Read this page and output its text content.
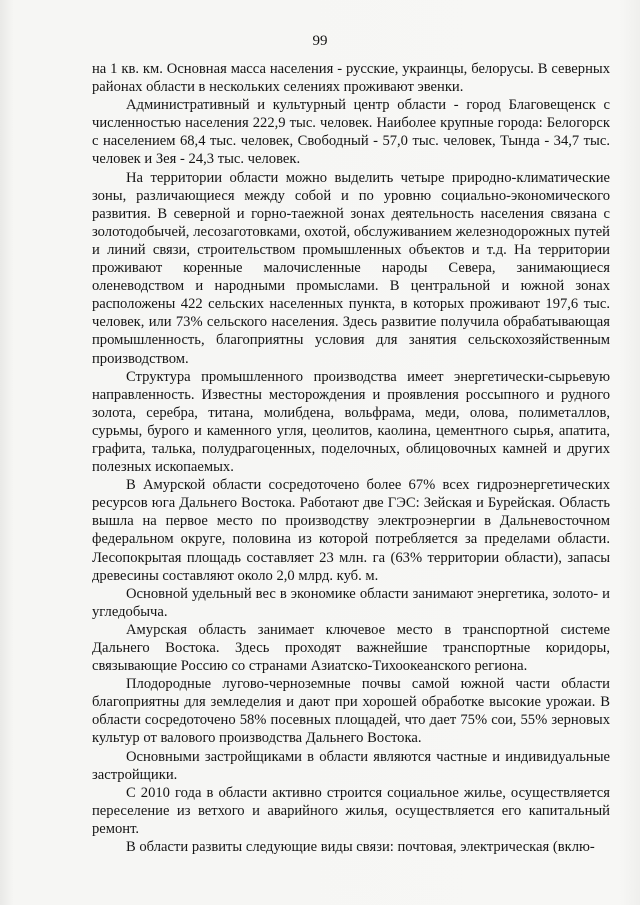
99

на 1 кв. км. Основная масса населения - русские, украинцы, белорусы. В северных районах области в нескольких селениях проживают эвенки.

Административный и культурный центр области - город Благовещенск с численностью населения 222,9 тыс. человек. Наиболее крупные города: Белогорск с населением 68,4 тыс. человек, Свободный - 57,0 тыс. человек, Тында - 34,7 тыс. человек и Зея - 24,3 тыс. человек.

На территории области можно выделить четыре природно-климатические зоны, различающиеся между собой и по уровню социально-экономического развития. В северной и горно-таежной зонах деятельность населения связана с золотодобычей, лесозаготовками, охотой, обслуживанием железнодорожных путей и линий связи, строительством промышленных объектов и т.д. На территории проживают коренные малочисленные народы Севера, занимающиеся оленеводством и народными промыслами. В центральной и южной зонах расположены 422 сельских населенных пункта, в которых проживают 197,6 тыс. человек, или 73% сельского населения. Здесь развитие получила обрабатывающая промышленность, благоприятны условия для занятия сельскохозяйственным производством.

Структура промышленного производства имеет энергетически-сырьевую направленность. Известны месторождения и проявления россыпного и рудного золота, серебра, титана, молибдена, вольфрама, меди, олова, полиметаллов, сурьмы, бурого и каменного угля, цеолитов, каолина, цементного сырья, апатита, графита, талька, полудрагоценных, поделочных, облицовочных камней и других полезных ископаемых.

В Амурской области сосредоточено более 67% всех гидроэнергетических ресурсов юга Дальнего Востока. Работают две ГЭС: Зейская и Бурейская. Область вышла на первое место по производству электроэнергии в Дальневосточном федеральном округе, половина из которой потребляется за пределами области. Лесопокрытая площадь составляет 23 млн. га (63% территории области), запасы древесины составляют около 2,0 млрд. куб. м.

Основной удельный вес в экономике области занимают энергетика, золото- и угледобыча.

Амурская область занимает ключевое место в транспортной системе Дальнего Востока. Здесь проходят важнейшие транспортные коридоры, связывающие Россию со странами Азиатско-Тихоокеанского региона.

Плодородные лугово-черноземные почвы самой южной части области благоприятны для земледелия и дают при хорошей обработке высокие урожаи. В области сосредоточено 58% посевных площадей, что дает 75% сои, 55% зерновых культур от валового производства Дальнего Востока.

Основными застройщиками в области являются частные и индивидуальные застройщики.

С 2010 года в области активно строится социальное жилье, осуществляется переселение из ветхого и аварийного жилья, осуществляется его капитальный ремонт.

В области развиты следующие виды связи: почтовая, электрическая (вклю-
